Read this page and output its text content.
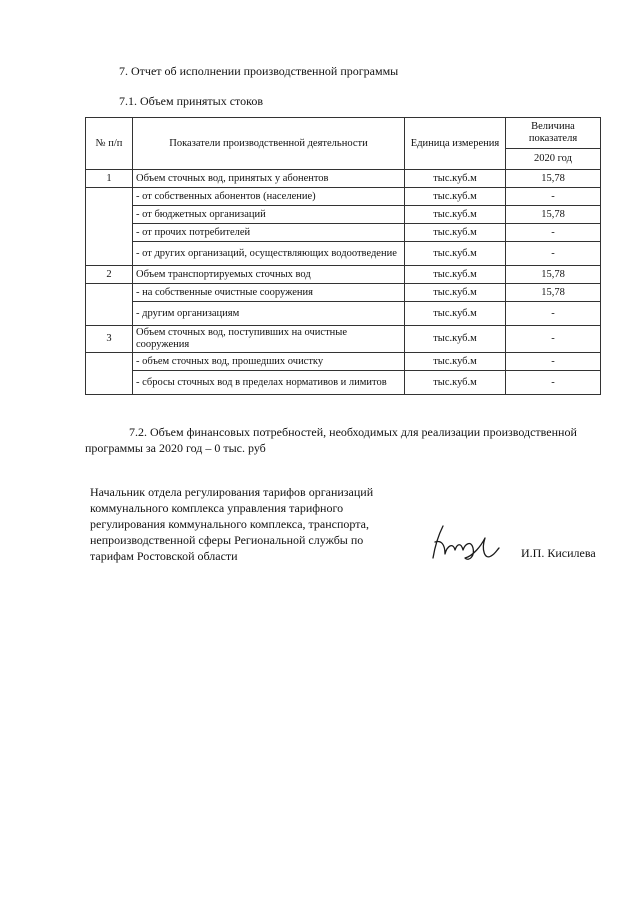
7. Отчет об исполнении производственной программы
7.1. Объем принятых стоков
№ п/п	Показатели производственной деятельности	Единица измерения	Величина показателя
			2020 год
1	Объем сточных вод, принятых у абонентов	тыс.куб.м	15,78
	- от собственных абонентов (население)	тыс.куб.м	-
	- от бюджетных организаций	тыс.куб.м	15,78
	- от прочих потребителей	тыс.куб.м	-
	- от других организаций, осуществляющих водоотведение	тыс.куб.м	-
2	Объем транспортируемых сточных вод	тыс.куб.м	15,78
	- на собственные очистные сооружения	тыс.куб.м	15,78
	- другим организациям	тыс.куб.м	-
3	Объем сточных вод, поступивших на очистные сооружения	тыс.куб.м	-
	- объем сточных вод, прошедших очистку	тыс.куб.м	-
	- сбросы сточных вод в пределах нормативов и лимитов	тыс.куб.м	-

7.2. Объем финансовых потребностей, необходимых для реализации производственной программы за 2020 год – 0 тыс. руб

Начальник отдела регулирования тарифов организаций коммунального комплекса управления тарифного регулирования коммунального комплекса, транспорта, непроизводственной сферы Региональной службы по тарифам Ростовской области	И.П. Кисилева
